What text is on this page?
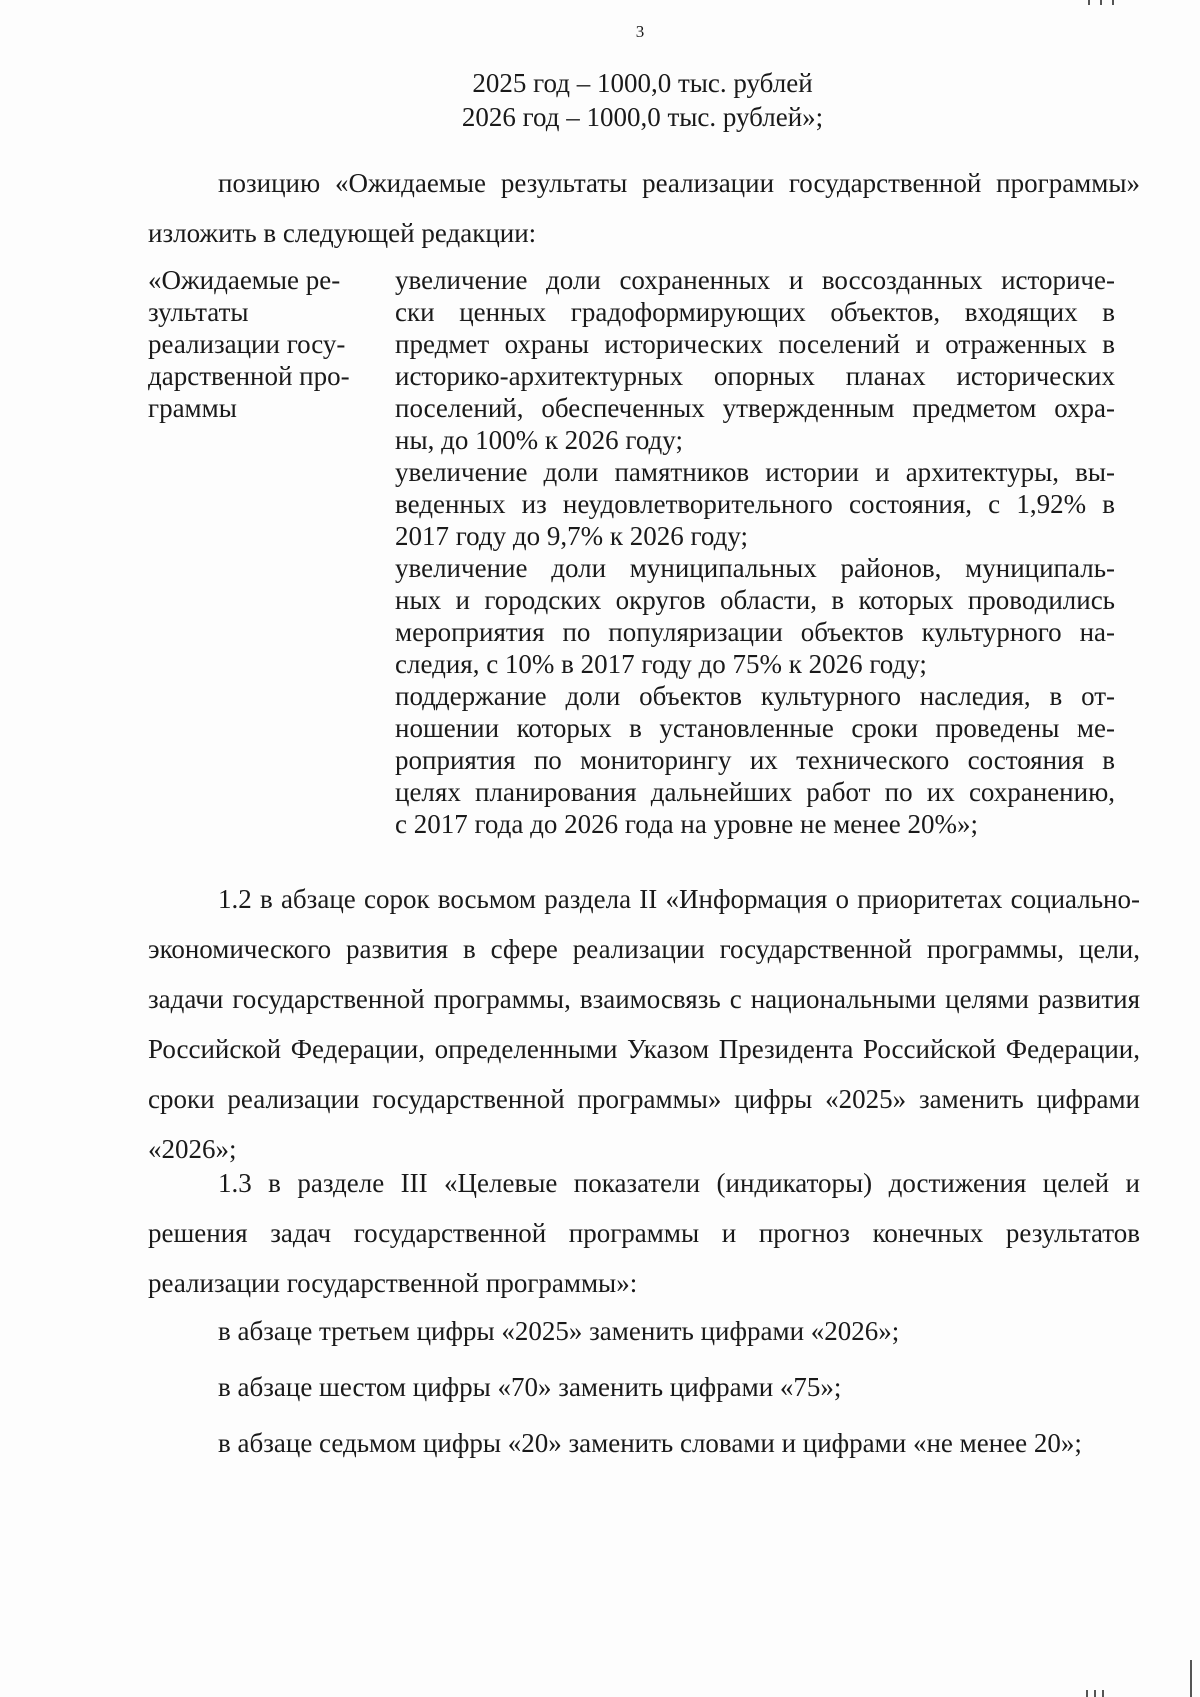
3
2025 год – 1000,0 тыс. рублей
2026 год – 1000,0 тыс. рублей»;
позицию «Ожидаемые результаты реализации государственной программы» изложить в следующей редакции:
«Ожидаемые ре-
зультаты
реализации госу-
дарственной про-
граммы
увеличение доли сохраненных и воссозданных историче-
ски ценных градоформирующих объектов, входящих в
предмет охраны исторических поселений и отраженных в
историко-архитектурных опорных планах исторических
поселений, обеспеченных утвержденным предметом охра-
ны, до 100% к 2026 году;
увеличение доли памятников истории и архитектуры, вы-
веденных из неудовлетворительного состояния, с 1,92% в
2017 году до 9,7% к 2026 году;
увеличение доли муниципальных районов, муниципаль-
ных и городских округов области, в которых проводились
мероприятия по популяризации объектов культурного на-
следия, с 10% в 2017 году до 75% к 2026 году;
поддержание доли объектов культурного наследия, в от-
ношении которых в установленные сроки проведены ме-
роприятия по мониторингу их технического состояния в
целях планирования дальнейших работ по их сохранению,
с 2017 года до 2026 года на уровне не менее 20%»;
1.2 в абзаце сорок восьмом раздела II «Информация о приоритетах социально-экономического развития в сфере реализации государственной программы, цели, задачи государственной программы, взаимосвязь с национальными целями развития Российской Федерации, определенными Указом Президента Российской Федерации, сроки реализации государственной программы» цифры «2025» заменить цифрами «2026»;
1.3 в разделе III «Целевые показатели (индикаторы) достижения целей и решения задач государственной программы и прогноз конечных результатов реализации государственной программы»:
в абзаце третьем цифры «2025» заменить цифрами «2026»;
в абзаце шестом цифры «70» заменить цифрами «75»;
в абзаце седьмом цифры «20» заменить словами и цифрами «не менее 20»;
